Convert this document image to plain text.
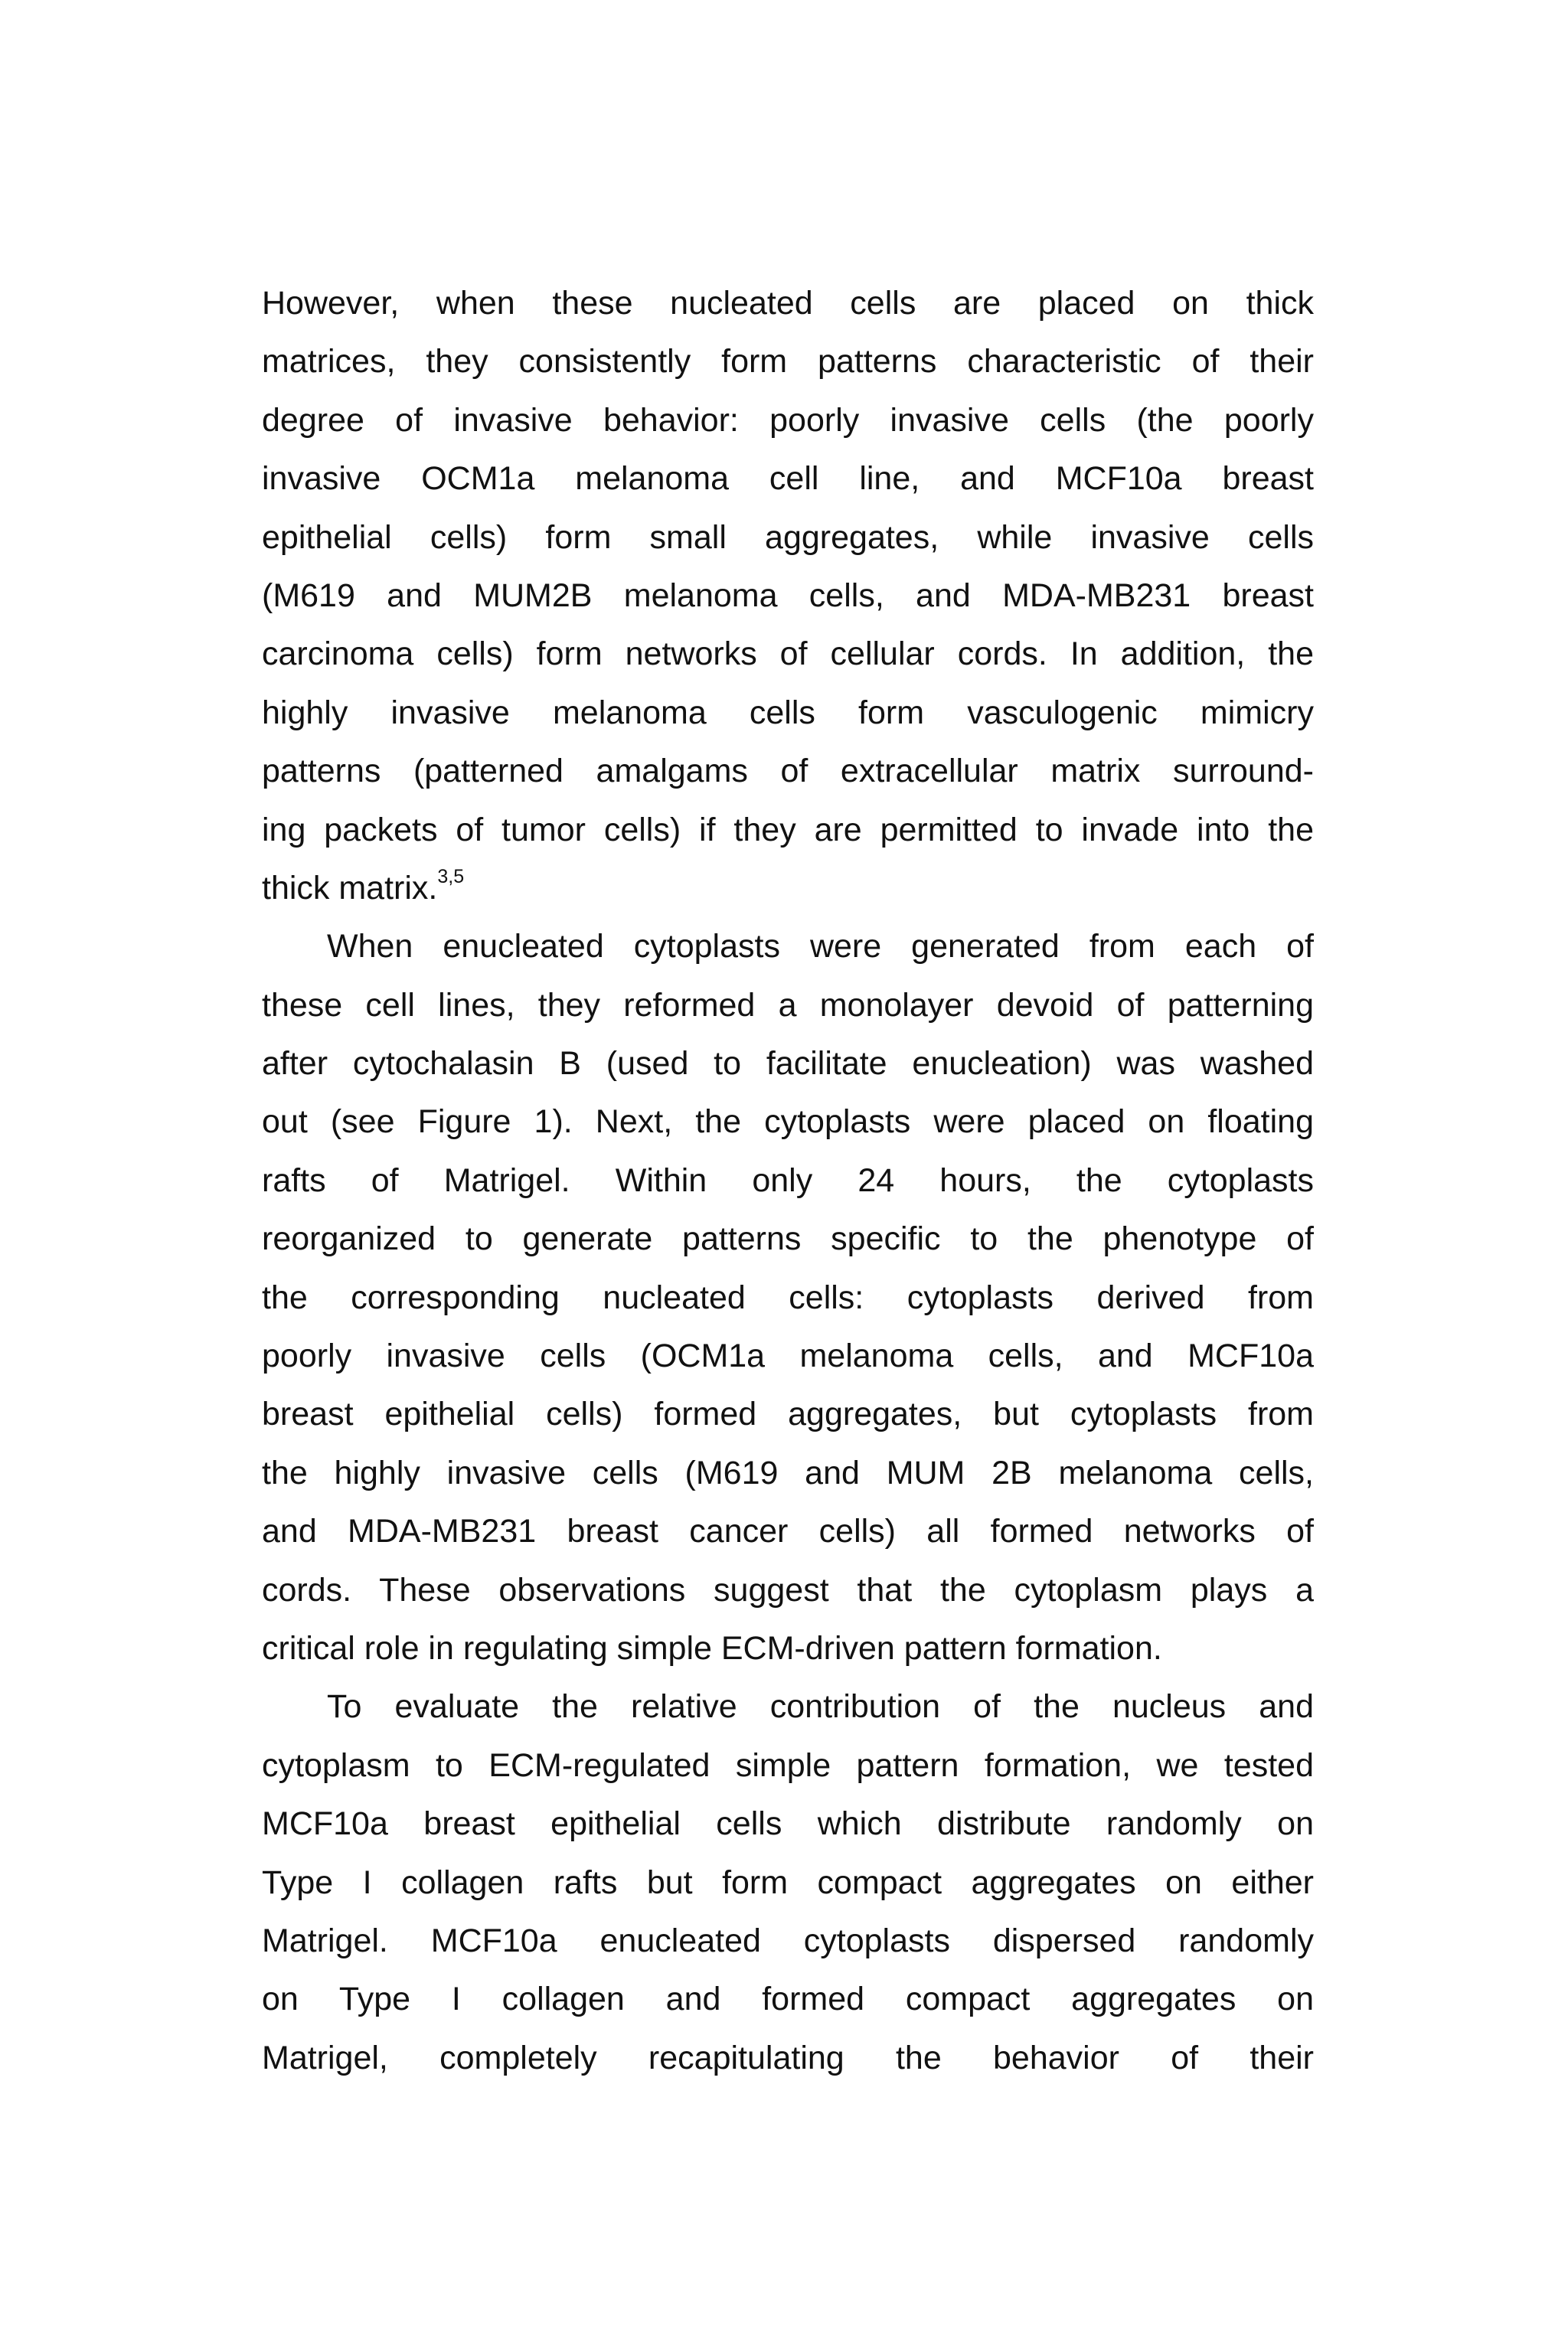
However, when these nucleated cells are placed on thick
matrices, they consistently form patterns characteristic of their
degree of invasive behavior: poorly invasive cells (the poorly
invasive OCM1a melanoma cell line, and MCF10a breast
epithelial cells) form small aggregates, while invasive cells
(M619 and MUM2B melanoma cells, and MDA-MB231 breast
carcinoma cells) form networks of cellular cords. In addition, the
highly invasive melanoma cells form vasculogenic mimicry
patterns (patterned amalgams of extracellular matrix surround-
ing packets of tumor cells) if they are permitted to invade into the
thick matrix.$^{3,5}$
When enucleated cytoplasts were generated from each of
these cell lines, they reformed a monolayer devoid of patterning
after cytochalasin B (used to facilitate enucleation) was washed
out (see Figure 1). Next, the cytoplasts were placed on floating
rafts of Matrigel. Within only 24 hours, the cytoplasts
reorganized to generate patterns specific to the phenotype of
the corresponding nucleated cells: cytoplasts derived from
poorly invasive cells (OCM1a melanoma cells, and MCF10a
breast epithelial cells) formed aggregates, but cytoplasts from
the highly invasive cells (M619 and MUM 2B melanoma cells,
and MDA-MB231 breast cancer cells) all formed networks of
cords. These observations suggest that the cytoplasm plays a
critical role in regulating simple ECM-driven pattern formation.
To evaluate the relative contribution of the nucleus and
cytoplasm to ECM-regulated simple pattern formation, we tested
MCF10a breast epithelial cells which distribute randomly on
Type I collagen rafts but form compact aggregates on either
Matrigel. MCF10a enucleated cytoplasts dispersed randomly
on Type I collagen and formed compact aggregates on
Matrigel, completely recapitulating the behavior of their
